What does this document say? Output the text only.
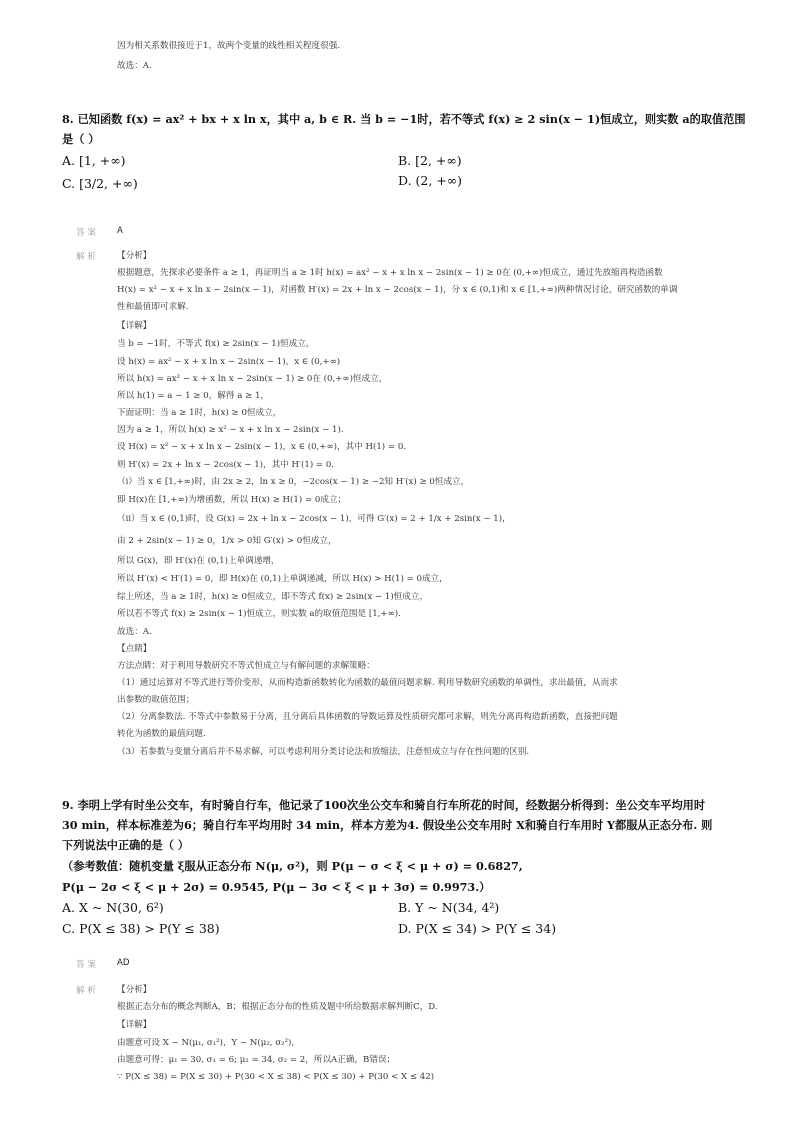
因为相关系数很接近于1，故两个变量的线性相关程度很强.
故选：A.
8. 已知函数 f(x) = ax² + bx + x ln x，其中 a, b ∈ R. 当 b = −1时，若不等式 f(x) ≥ 2 sin(x − 1)恒成立，则实数 a的取值范围
是（ ）
A. [1, +∞)	B. [2, +∞)
C. [3/2, +∞)	D. (2, +∞)
答 案 A
解 析 【分析】
根据题意，先探求必要条件 a ≥ 1，再证明当 a ≥ 1时 h(x) = ax² − x + x ln x − 2sin(x − 1) ≥ 0在 (0,+∞)恒成立，通过先放缩再构造函数
H(x) = x² − x + x ln x − 2sin(x − 1)，对函数 H′(x) = 2x + ln x − 2cos(x − 1)，分 x ∈ (0,1)和 x ∈ [1,+∞)两种情况讨论，研究函数的单调
性和最值即可求解.
【详解】
当 b = −1时，不等式 f(x) ≥ 2sin(x − 1)恒成立，
设 h(x) = ax² − x + x ln x − 2sin(x − 1)，x ∈ (0,+∞)
所以 h(x) = ax² − x + x ln x − 2sin(x − 1) ≥ 0在 (0,+∞)恒成立，
所以 h(1) = a − 1 ≥ 0，解得 a ≥ 1，
下面证明：当 a ≥ 1时，h(x) ≥ 0恒成立，
因为 a ≥ 1，所以 h(x) ≥ x² − x + x ln x − 2sin(x − 1).
设 H(x) = x² − x + x ln x − 2sin(x − 1)，x ∈ (0,+∞)，其中 H(1) = 0.
则 H′(x) = 2x + ln x − 2cos(x − 1)，其中 H′(1) = 0.
（i）当 x ∈ [1,+∞)时，由 2x ≥ 2，ln x ≥ 0，−2cos(x − 1) ≥ −2知 H′(x) ≥ 0恒成立，
即 H(x)在 [1,+∞)为增函数，所以 H(x) ≥ H(1) = 0成立；
（ii）当 x ∈ (0,1)时，设 G(x) = 2x + ln x − 2cos(x − 1)，可得 G′(x) = 2 + 1/x + 2sin(x − 1)，
由 2 + 2sin(x − 1) ≥ 0，1/x > 0知 G′(x) > 0恒成立，
所以 G(x)，即 H′(x)在 (0,1)上单调递增，
所以 H′(x) < H′(1) = 0，即 H(x)在 (0,1)上单调递减，所以 H(x) > H(1) = 0成立，
综上所述，当 a ≥ 1时，h(x) ≥ 0恒成立，即不等式 f(x) ≥ 2sin(x − 1)恒成立，
所以若不等式 f(x) ≥ 2sin(x − 1)恒成立，则实数 a的取值范围是 [1,+∞).
故选：A.
【点睛】
方法点睛：对于利用导数研究不等式恒成立与有解问题的求解策略：
（1）通过运算对不等式进行等价变形，从而构造新函数转化为函数的最值问题求解. 利用导数研究函数的单调性，求出最值，从而求
出参数的取值范围；
（2）分离参数法. 不等式中参数易于分离，且分离后具体函数的导数运算及性质研究都可求解，则先分离再构造新函数，直接把问题
转化为函数的最值问题.
（3）若参数与变量分离后并不易求解，可以考虑利用分类讨论法和放缩法，注意恒成立与存在性问题的区别.
9. 李明上学有时坐公交车，有时骑自行车，他记录了100次坐公交车和骑自行车所花的时间，经数据分析得到：坐公交车平均用时
30 min，样本标准差为6；骑自行车平均用时 34 min，样本方差为4. 假设坐公交车用时 X和骑自行车用时 Y都服从正态分布. 则
下列说法中正确的是（ ）
（参考数值：随机变量 ξ服从正态分布 N(μ, σ²)，则 P(μ − σ < ξ < μ + σ) = 0.6827,
P(μ − 2σ < ξ < μ + 2σ) = 0.9545, P(μ − 3σ < ξ < μ + 3σ) = 0.9973.）
A. X ~ N(30, 6²)	B. Y ~ N(34, 4²)
C. P(X ≤ 38) > P(Y ≤ 38)	D. P(X ≤ 34) > P(Y ≤ 34)
答 案 AD
解 析 【分析】
根据正态分布的概念判断A，B；根据正态分布的性质及题中所给数据求解判断C，D.
【详解】
由题意可设 X ~ N(μ₁, σ₁²)，Y ~ N(μ₂, σ₂²)，
由题意可得：μ₁ = 30, σ₁ = 6; μ₂ = 34, σ₂ = 2，所以A正确，B错误；
∵ P(X ≤ 38) = P(X ≤ 30) + P(30 < X ≤ 38) < P(X ≤ 30) + P(30 < X ≤ 42)
